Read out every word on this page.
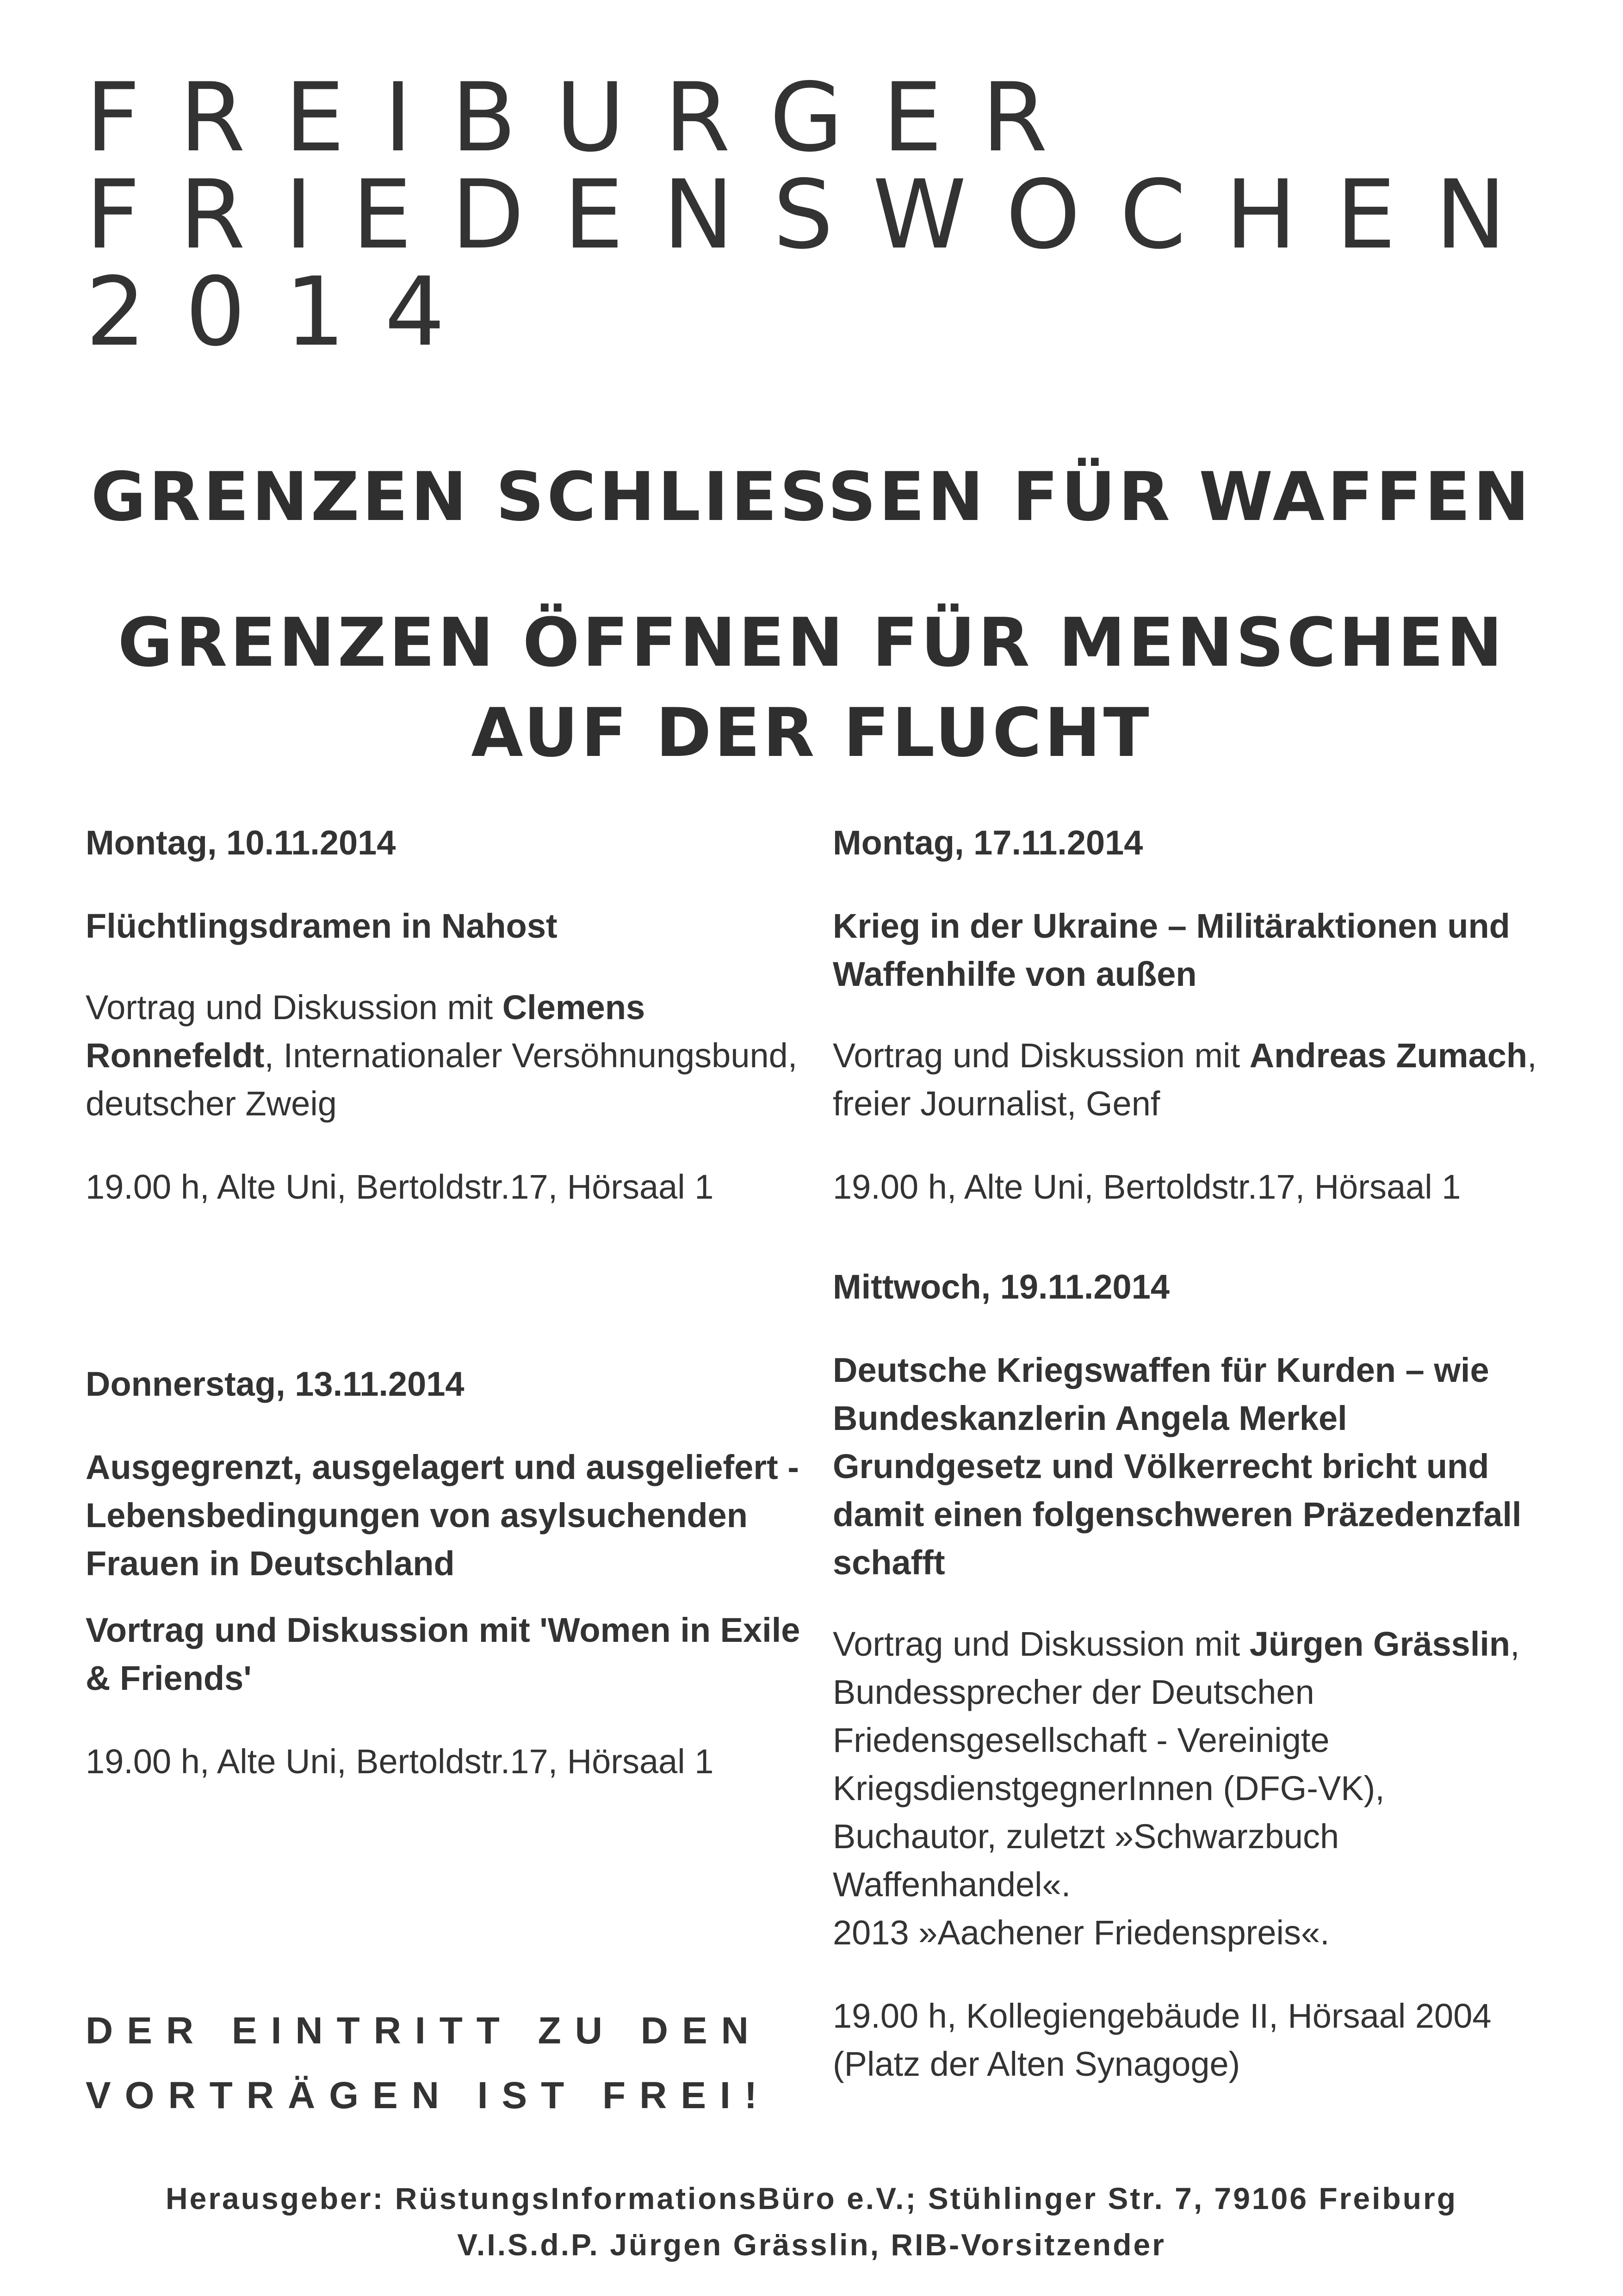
FREIBURGER
FRIEDENSWOCHEN
2014
GRENZEN SCHLIESSEN FÜR WAFFEN
GRENZEN ÖFFNEN FÜR MENSCHEN
AUF DER FLUCHT
Montag, 10.11.2014
Flüchtlingsdramen in Nahost
Vortrag und Diskussion mit Clemens Ronnefeldt, Internationaler Versöhnungsbund, deutscher Zweig
19.00 h, Alte Uni, Bertoldstr.17, Hörsaal 1
Donnerstag, 13.11.2014
Ausgegrenzt, ausgelagert und ausgeliefert - Lebensbedingungen von asylsuchenden Frauen in Deutschland
Vortrag und Diskussion mit 'Women in Exile & Friends'
19.00 h, Alte Uni, Bertoldstr.17, Hörsaal 1
Montag, 17.11.2014
Krieg in der Ukraine – Militäraktionen und Waffenhilfe von außen
Vortrag und Diskussion mit Andreas Zumach, freier Journalist, Genf
19.00 h, Alte Uni, Bertoldstr.17, Hörsaal 1
Mittwoch, 19.11.2014
Deutsche Kriegswaffen für Kurden – wie Bundeskanzlerin Angela Merkel Grundgesetz und Völkerrecht bricht und damit einen folgenschweren Präzedenzfall schafft
Vortrag und Diskussion mit Jürgen Grässlin, Bundessprecher der Deutschen Friedensgesellschaft - Vereinigte KriegsdienstgegnerInnen (DFG-VK), Buchautor, zuletzt »Schwarzbuch Waffenhandel«.
2013 »Aachener Friedenspreis«.
19.00 h, Kollegiengebäude II, Hörsaal 2004 (Platz der Alten Synagoge)
DER EINTRITT ZU DEN
VORTRÄGEN IST FREI!
Herausgeber: RüstungsInformationsBüro e.V.; Stühlinger Str. 7, 79106 Freiburg
V.I.S.d.P. Jürgen Grässlin, RIB-Vorsitzender
